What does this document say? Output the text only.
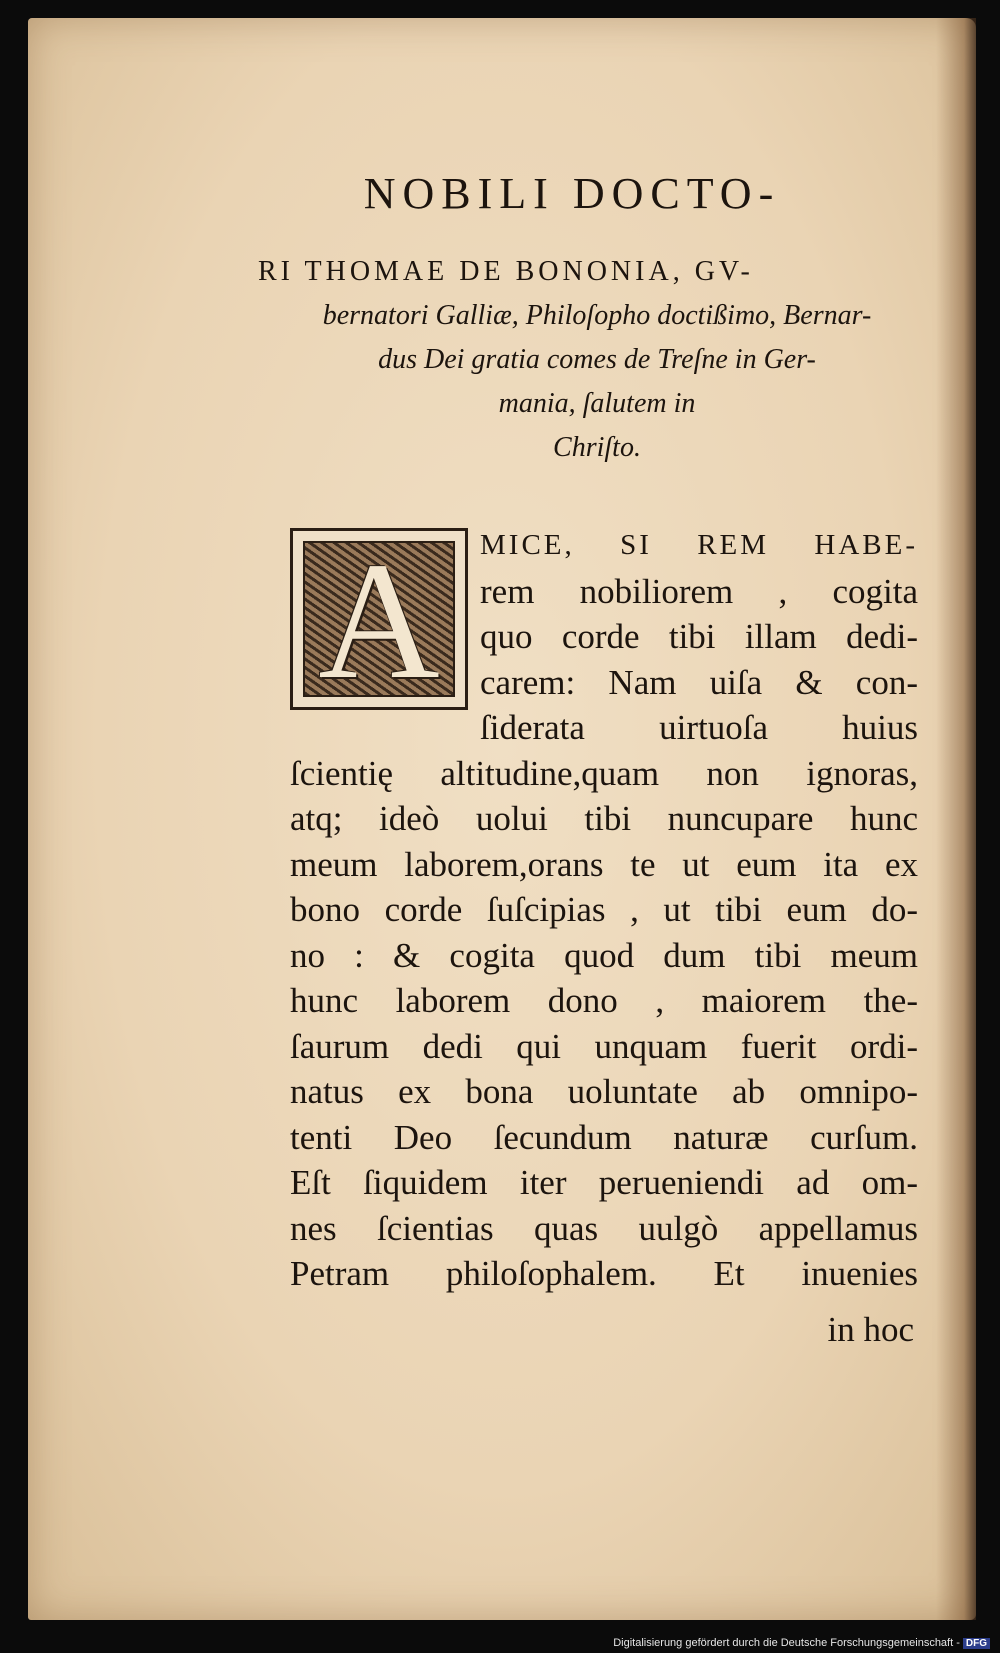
NOBILI DOCTO-
RI THOMAE DE BONONIA, GV-
bernatori Galliæ, Philoſopho doctißimo, Bernar-
dus Dei gratia comes de Treſne in Ger-
mania, ſalutem in
Chriſto.
A	MICE, SI REM HABE-
rem nobiliorem , cogita
quo corde tibi illam dedi-
carem: Nam uiſa & con-
ſiderata uirtuoſa huius
ſcientię altitudine,quam non ignoras,
atq; ideò uolui tibi nuncupare hunc
meum laborem,orans te ut eum ita ex
bono corde ſuſcipias , ut tibi eum do-
no : & cogita quod dum tibi meum
hunc laborem dono , maiorem the-
ſaurum dedi qui unquam fuerit ordi-
natus ex bona uoluntate ab omnipo-
tenti Deo ſecundum naturæ curſum.
Eſt ſiquidem iter perueniendi ad om-
nes ſcientias quas uulgò appellamus
Petram philoſophalem. Et inuenies
in hoc
Digitalisierung gefördert durch die Deutsche Forschungsgemeinschaft - DFG
